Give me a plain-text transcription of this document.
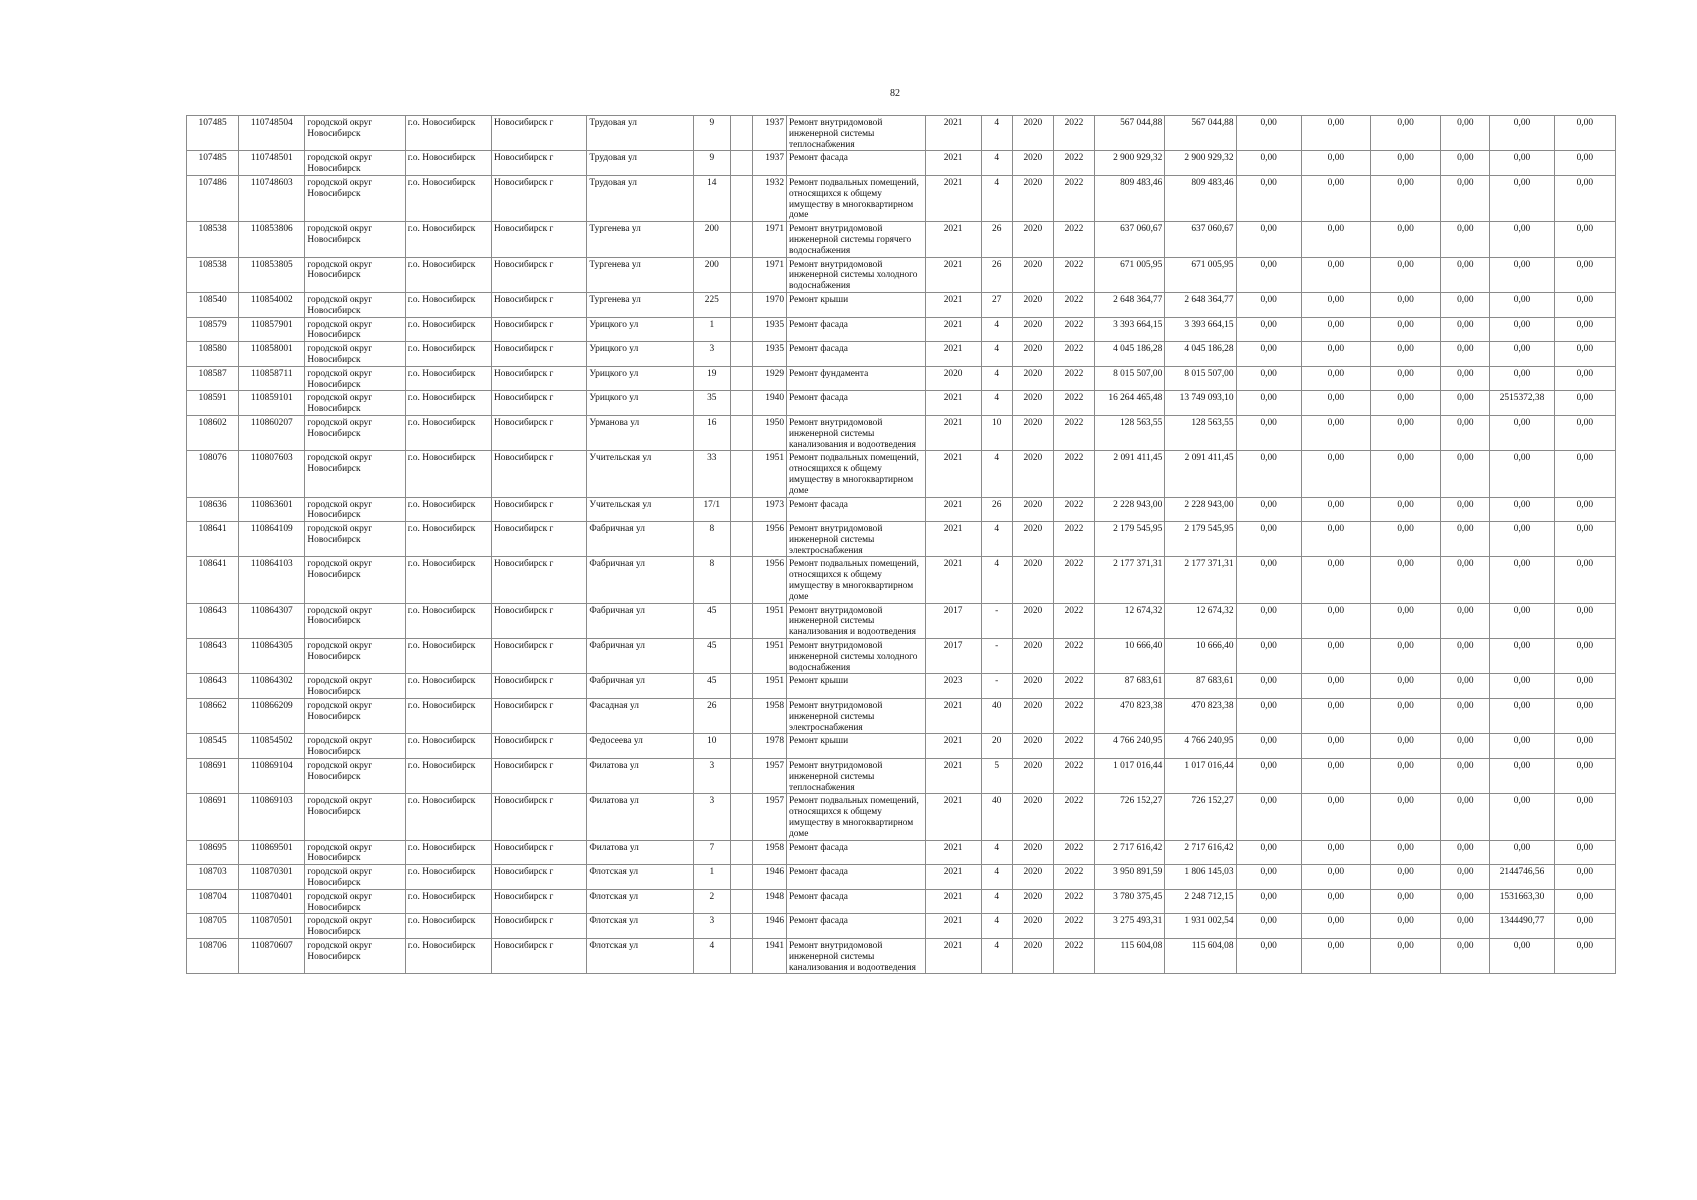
82
107485	110748504	городской округ Новосибирск	г.о. Новосибирск	Новосибирск г	Трудовая ул	9		1937	Ремонт внутридомовой инженерной системы теплоснабжения	2021	4	2020	2022	567 044,88	567 044,88	0,00	0,00	0,00	0,00	0,00	0,00
107485	110748501	городской округ Новосибирск	г.о. Новосибирск	Новосибирск г	Трудовая ул	9		1937	Ремонт фасада	2021	4	2020	2022	2 900 929,32	2 900 929,32	0,00	0,00	0,00	0,00	0,00	0,00
107486	110748603	городской округ Новосибирск	г.о. Новосибирск	Новосибирск г	Трудовая ул	14		1932	Ремонт подвальных помещений, относящихся к общему имуществу в многоквартирном доме	2021	4	2020	2022	809 483,46	809 483,46	0,00	0,00	0,00	0,00	0,00	0,00
108538	110853806	городской округ Новосибирск	г.о. Новосибирск	Новосибирск г	Тургенева ул	200		1971	Ремонт внутридомовой инженерной системы горячего водоснабжения	2021	26	2020	2022	637 060,67	637 060,67	0,00	0,00	0,00	0,00	0,00	0,00
108538	110853805	городской округ Новосибирск	г.о. Новосибирск	Новосибирск г	Тургенева ул	200		1971	Ремонт внутридомовой инженерной системы холодного водоснабжения	2021	26	2020	2022	671 005,95	671 005,95	0,00	0,00	0,00	0,00	0,00	0,00
108540	110854002	городской округ Новосибирск	г.о. Новосибирск	Новосибирск г	Тургенева ул	225		1970	Ремонт крыши	2021	27	2020	2022	2 648 364,77	2 648 364,77	0,00	0,00	0,00	0,00	0,00	0,00
108579	110857901	городской округ Новосибирск	г.о. Новосибирск	Новосибирск г	Урицкого ул	1		1935	Ремонт фасада	2021	4	2020	2022	3 393 664,15	3 393 664,15	0,00	0,00	0,00	0,00	0,00	0,00
108580	110858001	городской округ Новосибирск	г.о. Новосибирск	Новосибирск г	Урицкого ул	3		1935	Ремонт фасада	2021	4	2020	2022	4 045 186,28	4 045 186,28	0,00	0,00	0,00	0,00	0,00	0,00
108587	110858711	городской округ Новосибирск	г.о. Новосибирск	Новосибирск г	Урицкого ул	19		1929	Ремонт фундамента	2020	4	2020	2022	8 015 507,00	8 015 507,00	0,00	0,00	0,00	0,00	0,00	0,00
108591	110859101	городской округ Новосибирск	г.о. Новосибирск	Новосибирск г	Урицкого ул	35		1940	Ремонт фасада	2021	4	2020	2022	16 264 465,48	13 749 093,10	0,00	0,00	0,00	0,00	2515372,38	0,00
108602	110860207	городской округ Новосибирск	г.о. Новосибирск	Новосибирск г	Урманова ул	16		1950	Ремонт внутридомовой инженерной системы канализования и водоотведения	2021	10	2020	2022	128 563,55	128 563,55	0,00	0,00	0,00	0,00	0,00	0,00
108076	110807603	городской округ Новосибирск	г.о. Новосибирск	Новосибирск г	Учительская ул	33		1951	Ремонт подвальных помещений, относящихся к общему имуществу в многоквартирном доме	2021	4	2020	2022	2 091 411,45	2 091 411,45	0,00	0,00	0,00	0,00	0,00	0,00
108636	110863601	городской округ Новосибирск	г.о. Новосибирск	Новосибирск г	Учительская ул	17/1		1973	Ремонт фасада	2021	26	2020	2022	2 228 943,00	2 228 943,00	0,00	0,00	0,00	0,00	0,00	0,00
108641	110864109	городской округ Новосибирск	г.о. Новосибирск	Новосибирск г	Фабричная ул	8		1956	Ремонт внутридомовой инженерной системы электроснабжения	2021	4	2020	2022	2 179 545,95	2 179 545,95	0,00	0,00	0,00	0,00	0,00	0,00
108641	110864103	городской округ Новосибирск	г.о. Новосибирск	Новосибирск г	Фабричная ул	8		1956	Ремонт подвальных помещений, относящихся к общему имуществу в многоквартирном доме	2021	4	2020	2022	2 177 371,31	2 177 371,31	0,00	0,00	0,00	0,00	0,00	0,00
108643	110864307	городской округ Новосибирск	г.о. Новосибирск	Новосибирск г	Фабричная ул	45		1951	Ремонт внутридомовой инженерной системы канализования и водоотведения	2017	-	2020	2022	12 674,32	12 674,32	0,00	0,00	0,00	0,00	0,00	0,00
108643	110864305	городской округ Новосибирск	г.о. Новосибирск	Новосибирск г	Фабричная ул	45		1951	Ремонт внутридомовой инженерной системы холодного водоснабжения	2017	-	2020	2022	10 666,40	10 666,40	0,00	0,00	0,00	0,00	0,00	0,00
108643	110864302	городской округ Новосибирск	г.о. Новосибирск	Новосибирск г	Фабричная ул	45		1951	Ремонт крыши	2023	-	2020	2022	87 683,61	87 683,61	0,00	0,00	0,00	0,00	0,00	0,00
108662	110866209	городской округ Новосибирск	г.о. Новосибирск	Новосибирск г	Фасадная ул	26		1958	Ремонт внутридомовой инженерной системы электроснабжения	2021	40	2020	2022	470 823,38	470 823,38	0,00	0,00	0,00	0,00	0,00	0,00
108545	110854502	городской округ Новосибирск	г.о. Новосибирск	Новосибирск г	Федосеева ул	10		1978	Ремонт крыши	2021	20	2020	2022	4 766 240,95	4 766 240,95	0,00	0,00	0,00	0,00	0,00	0,00
108691	110869104	городской округ Новосибирск	г.о. Новосибирск	Новосибирск г	Филатова ул	3		1957	Ремонт внутридомовой инженерной системы теплоснабжения	2021	5	2020	2022	1 017 016,44	1 017 016,44	0,00	0,00	0,00	0,00	0,00	0,00
108691	110869103	городской округ Новосибирск	г.о. Новосибирск	Новосибирск г	Филатова ул	3		1957	Ремонт подвальных помещений, относящихся к общему имуществу в многоквартирном доме	2021	40	2020	2022	726 152,27	726 152,27	0,00	0,00	0,00	0,00	0,00	0,00
108695	110869501	городской округ Новосибирск	г.о. Новосибирск	Новосибирск г	Филатова ул	7		1958	Ремонт фасада	2021	4	2020	2022	2 717 616,42	2 717 616,42	0,00	0,00	0,00	0,00	0,00	0,00
108703	110870301	городской округ Новосибирск	г.о. Новосибирск	Новосибирск г	Флотская ул	1		1946	Ремонт фасада	2021	4	2020	2022	3 950 891,59	1 806 145,03	0,00	0,00	0,00	0,00	2144746,56	0,00
108704	110870401	городской округ Новосибирск	г.о. Новосибирск	Новосибирск г	Флотская ул	2		1948	Ремонт фасада	2021	4	2020	2022	3 780 375,45	2 248 712,15	0,00	0,00	0,00	0,00	1531663,30	0,00
108705	110870501	городской округ Новосибирск	г.о. Новосибирск	Новосибирск г	Флотская ул	3		1946	Ремонт фасада	2021	4	2020	2022	3 275 493,31	1 931 002,54	0,00	0,00	0,00	0,00	1344490,77	0,00
108706	110870607	городской округ Новосибирск	г.о. Новосибирск	Новосибирск г	Флотская ул	4		1941	Ремонт внутридомовой инженерной системы канализования и водоотведения	2021	4	2020	2022	115 604,08	115 604,08	0,00	0,00	0,00	0,00	0,00	0,00
